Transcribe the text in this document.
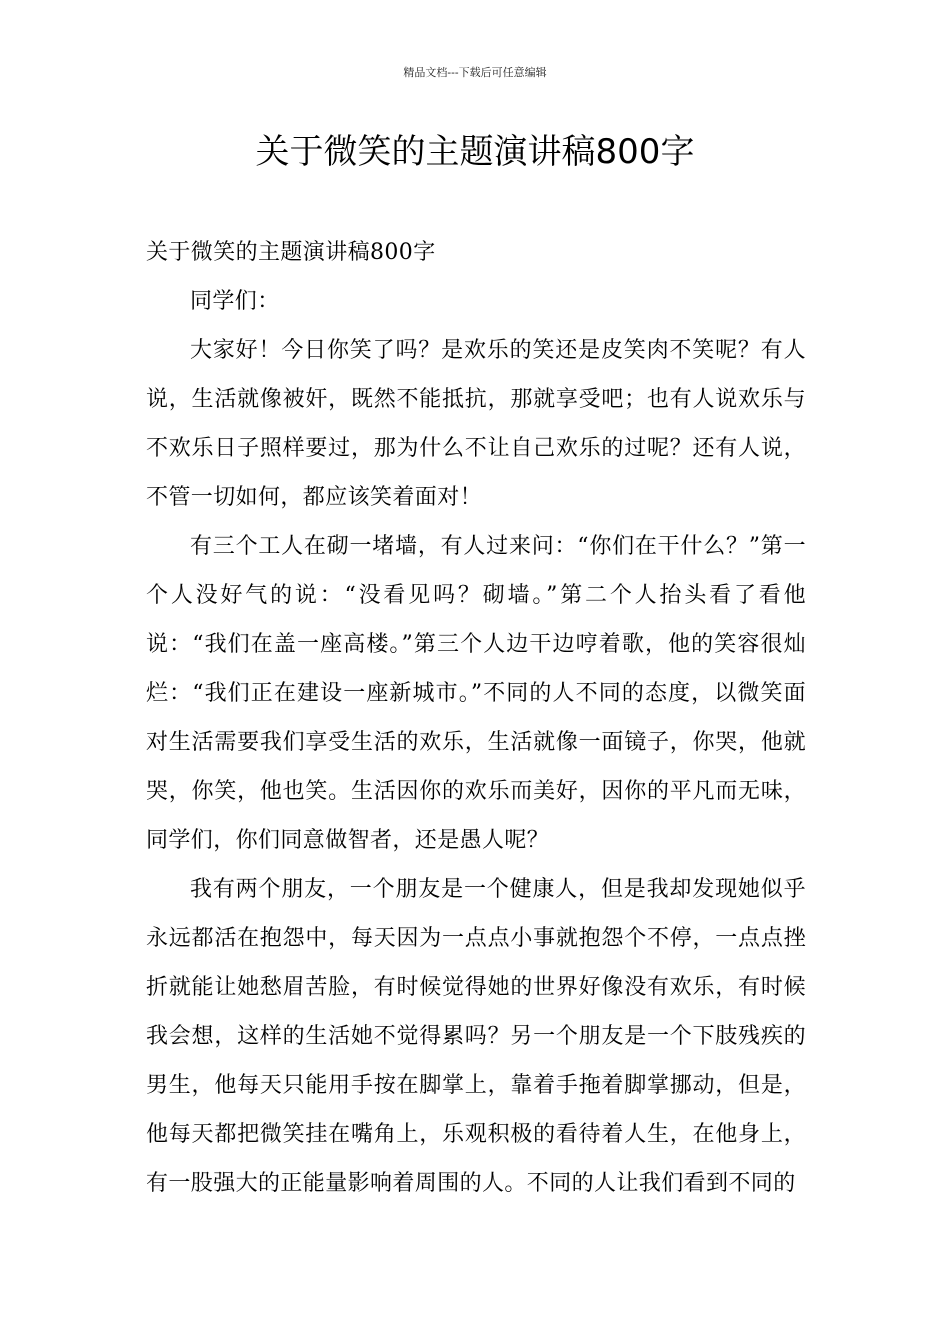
精品文档---下载后可任意编辑
关于微笑的主题演讲稿800字

关于微笑的主题演讲稿800字

同学们：

大家好！今日你笑了吗？是欢乐的笑还是皮笑肉不笑呢？有人说，生活就像被奸，既然不能抵抗，那就享受吧；也有人说欢乐与不欢乐日子照样要过，那为什么不让自己欢乐的过呢？还有人说，不管一切如何，都应该笑着面对！

有三个工人在砌一堵墙，有人过来问：“你们在干什么？”第一个人没好气的说：“没看见吗？砌墙。”第二个人抬头看了看他说：“我们在盖一座高楼。”第三个人边干边哼着歌，他的笑容很灿烂：“我们正在建设一座新城市。”不同的人不同的态度，以微笑面对生活需要我们享受生活的欢乐，生活就像一面镜子，你哭，他就哭，你笑，他也笑。生活因你的欢乐而美好，因你的平凡而无味，同学们，你们同意做智者，还是愚人呢？

我有两个朋友，一个朋友是一个健康人，但是我却发现她似乎永远都活在抱怨中，每天因为一点点小事就抱怨个不停，一点点挫折就能让她愁眉苦脸，有时候觉得她的世界好像没有欢乐，有时候我会想，这样的生活她不觉得累吗？另一个朋友是一个下肢残疾的男生，他每天只能用手按在脚掌上，靠着手拖着脚掌挪动，但是，他每天都把微笑挂在嘴角上，乐观积极的看待着人生，在他身上，有一股强大的正能量影响着周围的人。不同的人让我们看到不同的
